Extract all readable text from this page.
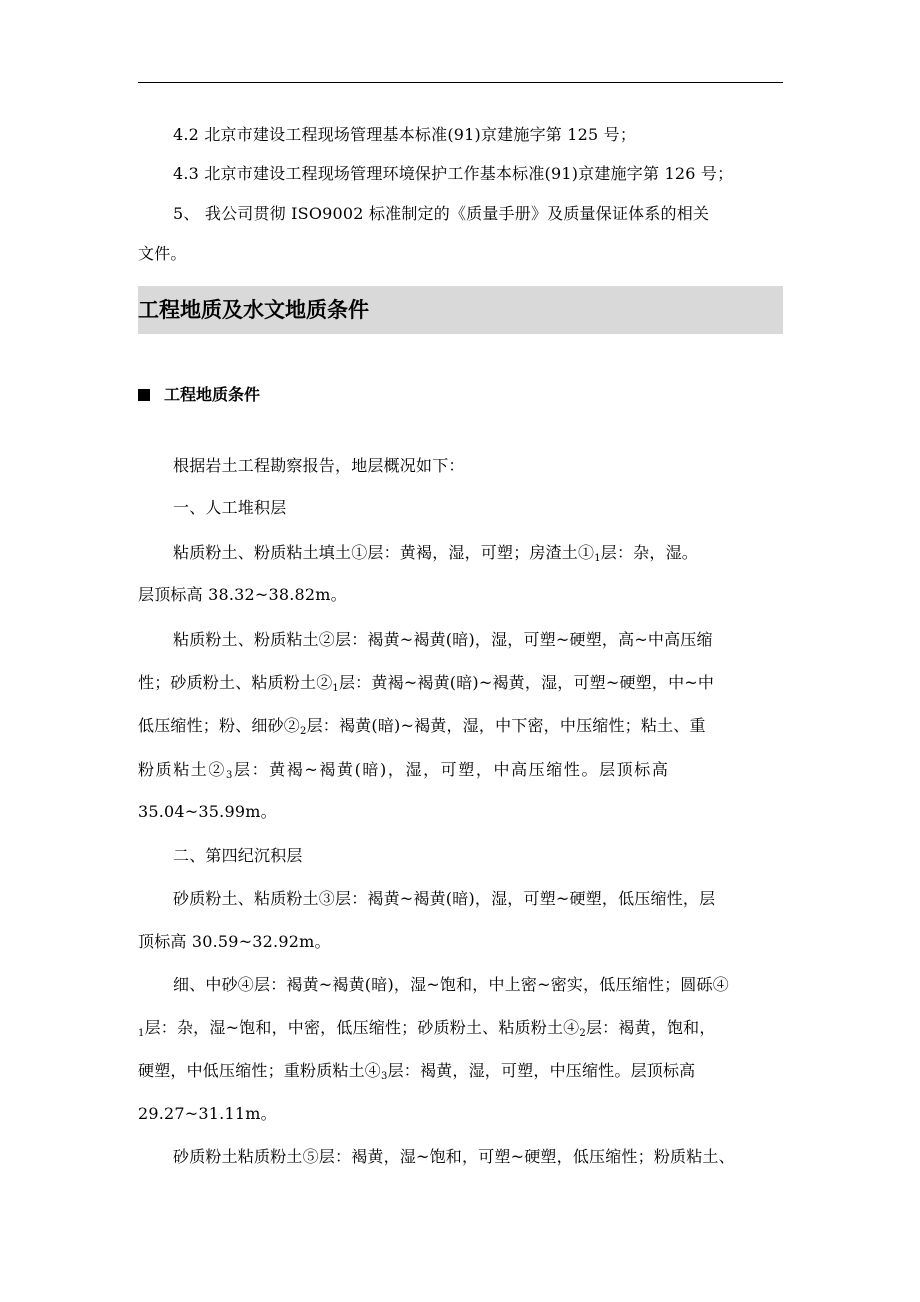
4.2 北京市建设工程现场管理基本标准(91)京建施字第 125 号；
4.3 北京市建设工程现场管理环境保护工作基本标准(91)京建施字第 126 号；
5、 我公司贯彻 ISO9002 标准制定的《质量手册》及质量保证体系的相关
文件。
工程地质及水文地质条件
工程地质条件
根据岩土工程勘察报告，地层概况如下：
一、人工堆积层
粘质粉土、粉质粘土填土①层：黄褐，湿，可塑；房渣土$①_1$层：杂，湿。
层顶标高 38.32~38.82m。
粘质粉土、粉质粘土②层：褐黄~褐黄(暗)，湿，可塑~硬塑，高~中高压缩
性；砂质粉土、粘质粉土$②_1$层：黄褐~褐黄(暗)~褐黄，湿，可塑~硬塑，中~中
低压缩性；粉、细砂$②_2$层：褐黄(暗)~褐黄，湿，中下密，中压缩性；粘土、重
粉质粘土$②_3$层：黄褐~褐黄(暗)，湿，可塑，中高压缩性。层顶标高
35.04~35.99m。
二、第四纪沉积层
砂质粉土、粘质粉土③层：褐黄~褐黄(暗)，湿，可塑~硬塑，低压缩性，层
顶标高 30.59~32.92m。
细、中砂④层：褐黄~褐黄(暗)，湿~饱和，中上密~密实，低压缩性；圆砾④
$_1$层：杂，湿~饱和，中密，低压缩性；砂质粉土、粘质粉土$④_2$层：褐黄，饱和，
硬塑，中低压缩性；重粉质粘土$④_3$层：褐黄，湿，可塑，中压缩性。层顶标高
29.27~31.11m。
砂质粉土粘质粉土⑤层：褐黄，湿~饱和，可塑~硬塑，低压缩性；粉质粘土、
